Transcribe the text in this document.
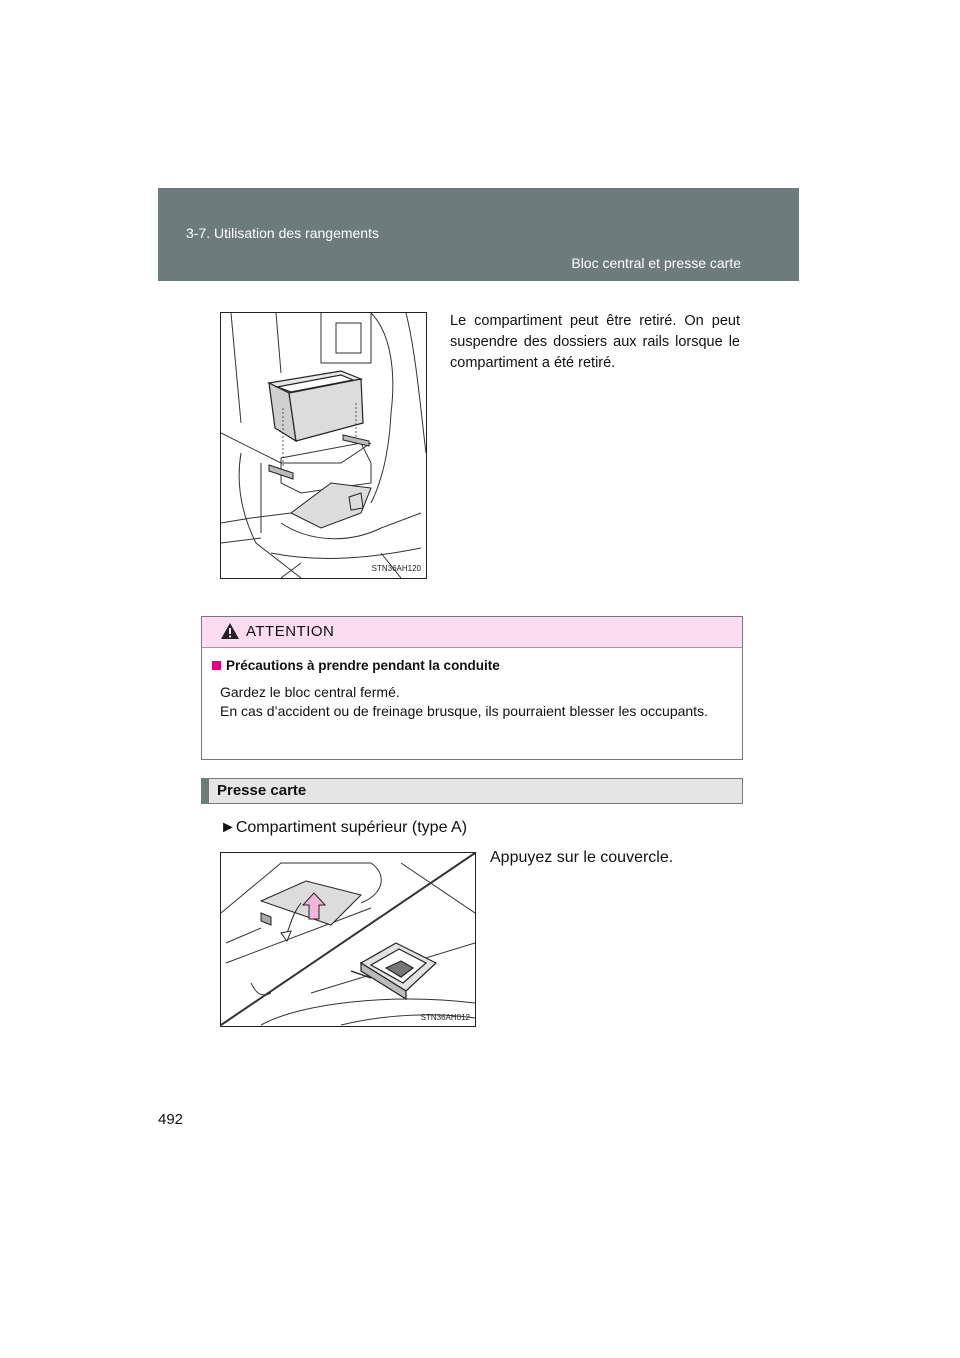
3-7. Utilisation des rangements
Bloc central et presse carte
STN36AH120
Le compartiment peut être retiré. On peut suspendre des dossiers aux rails lorsque le compartiment a été retiré.
ATTENTION
Précautions à prendre pendant la conduite

Gardez le bloc central fermé.

En cas d’accident ou de freinage brusque, ils pourraient blesser les occupants.

Presse carte
►Compartiment supérieur (type A)
STN36AH012
Appuyez sur le couvercle.
492
